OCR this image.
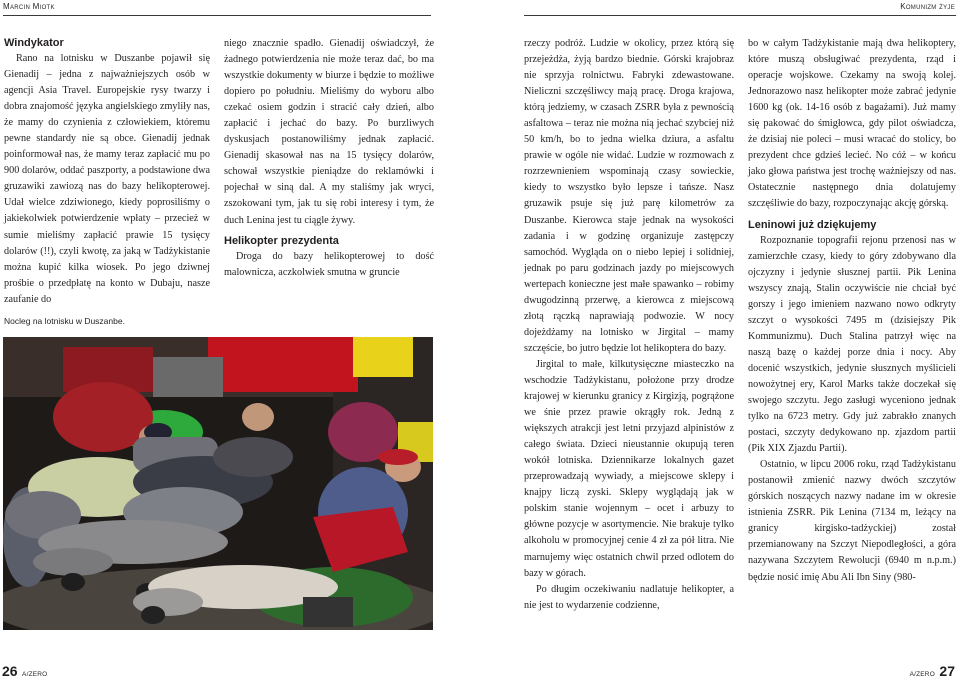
Marcin Miotk	Komunizm żyje
Windykator

Rano na lotnisku w Duszanbe pojawił się Gienadij – jedna z najważniejszych osób w agencji Asia Travel. Europejskie rysy twarzy i dobra znajomość języka angielskiego zmyliły nas, że mamy do czynienia z człowiekiem, któremu pewne standardy nie są obce. Gienadij jednak poinformował nas, że mamy teraz zapłacić mu po 900 dolarów, oddać paszporty, a podstawione dwa gruzawiki zawiozą nas do bazy helikopterowej. Udał wielce zdziwionego, kiedy poprosiliśmy o jakiekolwiek potwierdzenie wpłaty – przecież w sumie mieliśmy zapłacić prawie 15 tysięcy dolarów (!!), czyli kwotę, za jaką w Tadżykistanie można kupić kilka wiosek. Po jego dziwnej prośbie o przedpłatę na konto w Dubaju, nasze zaufanie do

Nocleg na lotnisku w Duszanbe.

niego znacznie spadło. Gienadij oświadczył, że żadnego potwierdzenia nie może teraz dać, bo ma wszystkie dokumenty w biurze i będzie to możliwe dopiero po południu. Mieliśmy do wyboru albo czekać osiem godzin i stracić cały dzień, albo zapłacić i jechać do bazy. Po burzliwych dyskusjach postanowiliśmy jednak zapłacić. Gienadij skasował nas na 15 tysięcy dolarów, schował wszystkie pieniądze do reklamówki i pojechał w siną dal. A my staliśmy jak wryci, zszokowani tym, jak tu się robi interesy i tym, że duch Lenina jest tu ciągle żywy.

Helikopter prezydenta

Droga do bazy helikopterowej to dość malownicza, aczkolwiek smutna w gruncie

rzeczy podróż. Ludzie w okolicy, przez którą się przejeżdża, żyją bardzo biednie. Górski krajobraz nie sprzyja rolnictwu. Fabryki zdewastowane. Nieliczni szczęśliwcy mają pracę. Droga krajowa, którą jedziemy, w czasach ZSRR była z pewnością asfaltowa – teraz nie można nią jechać szybciej niż 50 km/h, bo to jedna wielka dziura, a asfaltu prawie w ogóle nie widać. Ludzie w rozmowach z rozrzewnieniem wspominają czasy sowieckie, kiedy to wszystko było lepsze i tańsze. Nasz gruzawik psuje się już parę kilometrów za Duszanbe. Kierowca staje jednak na wysokości zadania i w godzinę organizuje zastępczy samochód. Wygląda on o niebo lepiej i solidniej, jednak po paru godzinach jazdy po miejscowych wertepach konieczne jest małe spawanko – robimy dwugodzinną przerwę, a kierowca z miejscową złotą rączką naprawiają podwozie. W nocy dojeżdżamy na lotnisko w Jirgital – mamy szczęście, bo jutro będzie lot helikoptera do bazy.

Jirgital to małe, kilkutysięczne miasteczko na wschodzie Tadżykistanu, położone przy drodze krajowej w kierunku granicy z Kirgizją, pogrążone we śnie przez prawie okrągły rok. Jedną z większych atrakcji jest letni przyjazd alpinistów z całego świata. Dzieci nieustannie okupują teren wokół lotniska. Dziennikarze lokalnych gazet przeprowadzają wywiady, a miejscowe sklepy i knajpy liczą zyski. Sklepy wyglądają jak w polskim stanie wojennym – ocet i arbuzy to główne pozycje w asortymencie. Nie brakuje tylko alkoholu w promocyjnej cenie 4 zł za pół litra. Nie marnujemy więc ostatnich chwil przed odlotem do bazy w górach.

Po długim oczekiwaniu nadlatuje helikopter, a nie jest to wydarzenie codzienne,

bo w całym Tadżykistanie mają dwa helikoptery, które muszą obsługiwać prezydenta, rząd i operacje wojskowe. Czekamy na swoją kolej. Jednorazowo nasz helikopter może zabrać jedynie 1600 kg (ok. 14-16 osób z bagażami). Już mamy się pakować do śmigłowca, gdy pilot oświadcza, że dzisiaj nie poleci – musi wracać do stolicy, bo prezydent chce gdzieś lecieć. No cóż – w końcu jako głowa państwa jest trochę ważniejszy od nas. Ostatecznie następnego dnia dolatujemy szczęśliwie do bazy, rozpoczynając akcję górską.

Leninowi już dziękujemy

Rozpoznanie topografii rejonu przenosi nas w zamierzchłe czasy, kiedy to góry zdobywano dla ojczyzny i jedynie słusznej partii. Pik Lenina wszyscy znają, Stalin oczywiście nie chciał być gorszy i jego imieniem nazwano nowo odkryty szczyt o wysokości 7495 m (dzisiejszy Pik Kommunizmu). Duch Stalina patrzył więc na naszą bazę o każdej porze dnia i nocy. Aby docenić wszystkich, jedynie słusznych myślicieli nowożytnej ery, Karol Marks także doczekał się swojego szczytu. Jego zasługi wyceniono jednak tylko na 6723 metry. Gdy już zabrakło znanych postaci, szczyty dedykowano np. zjazdom partii (Pik XIX Zjazdu Partii).

Ostatnio, w lipcu 2006 roku, rząd Tadżykistanu postanowił zmienić nazwy dwóch szczytów górskich noszących nazwy nadane im w okresie istnienia ZSRR. Pik Lenina (7134 m, leżący na granicy kirgisko-tadżyckiej) został przemianowany na Szczyt Niepodległości, a góra nazywana Szczytem Rewolucji (6940 m n.p.m.) będzie nosić imię Abu Ali Ibn Siny (980-

26 A/ZERO	A/ZERO 27
